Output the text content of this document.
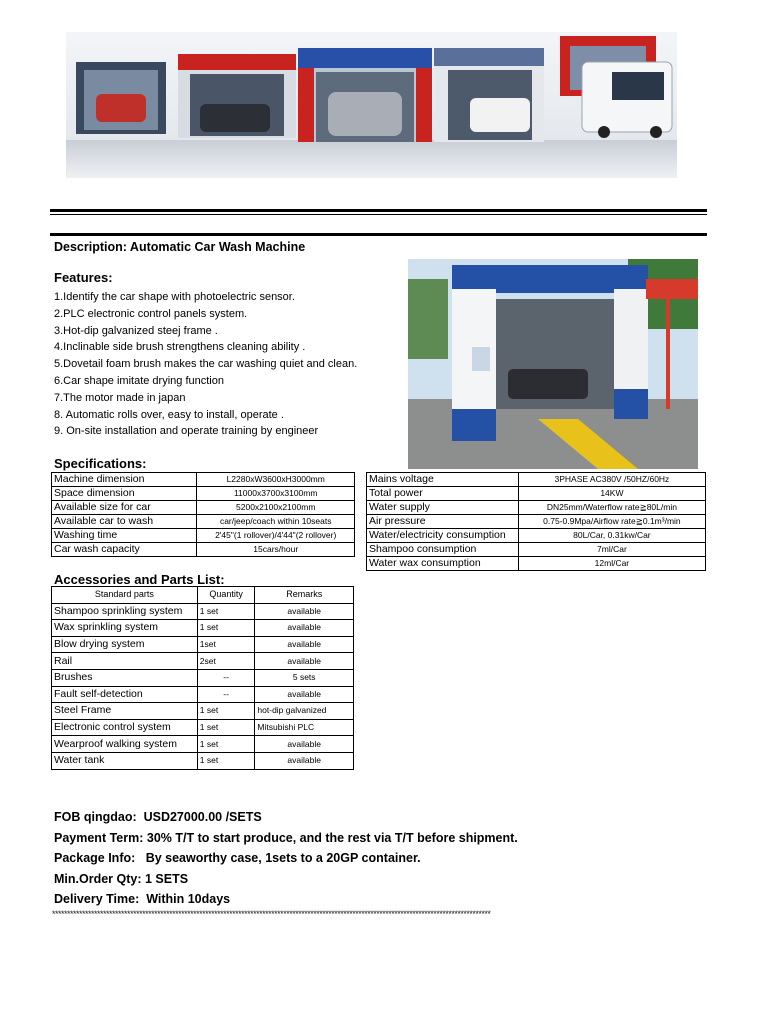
Description: Automatic Car Wash Machine
Features:
1.Identify the car shape with photoelectric sensor.
2.PLC electronic control panels system.
3.Hot-dip galvanized steej frame .
4.Inclinable side brush strengthens cleaning ability .
5.Dovetail foam brush makes the car washing quiet and clean.
6.Car shape imitate drying function
7.The motor made in japan
8. Automatic rolls over, easy to install, operate .
9. On-site installation and operate training by engineer
Specifications:
Machine dimension	L2280xW3600xH3000mm
Space dimension	11000x3700x3100mm
Available size for car	5200x2100x2100mm
Available car to wash	car/jeep/coach within 10seats
Washing time	2'45"(1 rollover)/4'44"(2 rollover)
Car wash capacity	15cars/hour
Mains voltage	3PHASE AC380V /50HZ/60Hz
Total power	14KW
Water supply	DN25mm/Waterflow rate≧80L/min
Air pressure	0.75-0.9Mpa/Airflow rate≧0.1m³/min
Water/electricity consumption	80L/Car, 0.31kw/Car
Shampoo consumption	7ml/Car
Water wax consumption	12ml/Car
Accessories and Parts List:
Standard parts	Quantity	Remarks
Shampoo sprinkling system	1 set	available
Wax sprinkling system	1 set	available
Blow drying system	1set	available
Rail	2set	available
Brushes	--	5 sets
Fault self-detection	--	available
Steel Frame	1 set	hot-dip galvanized
Electronic control system	1 set	Mitsubishi PLC
Wearproof walking system	1 set	available
Water tank	1 set	available
FOB qingdao: USD27000.00 /SETS
Payment Term: 30% T/T to start produce, and the rest via T/T before shipment.
Package Info: By seaworthy case, 1sets to a 20GP container.
Min.Order Qty: 1 SETS
Delivery Time: Within 10days
**************************************************************************************************************************************************
